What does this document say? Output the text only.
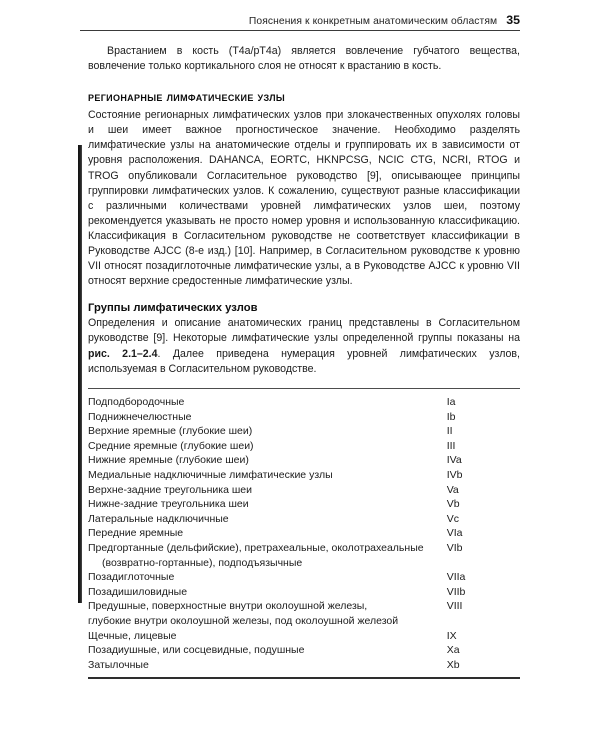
Пояснения к конкретным анатомическим областям 35

Врастанием в кость (T4a/pT4a) является вовлечение губчатого вещества, вовлечение только кортикального слоя не относят к врастанию в кость.

регионарные лимфатические узлы

Состояние регионарных лимфатических узлов при злокачественных опухолях головы и шеи имеет важное прогностическое значение. Необходимо разделять лимфатические узлы на анатомические отделы и группировать их в зависимости от уровня расположения. DAHANCA, EORTC, HKNPCSG, NCIC CTG, NCRI, RTOG и TROG опубликовали Согласительное руководство [9], описывающее принципы группировки лимфатических узлов. К сожалению, существуют разные классификации с различными количествами уровней лимфатических узлов шеи, поэтому рекомендуется указывать не просто номер уровня и использованную классификацию. Классификация в Согласительном руководстве не соответствует классификации в Руководстве AJCC (8-е изд.) [10]. Например, в Согласительном руководстве к уровню VII относят позадиглоточные лимфатические узлы, а в Руководстве AJCC к уровню VII относят верхние средостенные лимфатические узлы.

Группы лимфатических узлов

Определения и описание анатомических границ представлены в Согласительном руководстве [9]. Некоторые лимфатические узлы определенной группы показаны на рис. 2.1–2.4. Далее приведена нумерация уровней лимфатических узлов, используемая в Согласительном руководстве.

Подподбородочные	Ia
Поднижнечелюстные	Ib
Верхние яремные (глубокие шеи)	II
Средние яремные (глубокие шеи)	III
Нижние яремные (глубокие шеи)	IVa
Медиальные надключичные лимфатические узлы	IVb
Верхне-задние треугольника шеи	Va
Нижне-задние треугольника шеи	Vb
Латеральные надключичные	Vc
Передние яремные	VIa
Предгортанные (дельфийские), претрахеальные, околотрахеальные
(возвратно-гортанные), подподъязычные	VIb
Позадиглоточные	VIIa
Позадишиловидные	VIIb
Предушные, поверхностные внутри околоушной железы,
глубокие внутри околоушной железы, под околоушной железой	VIII
Щечные, лицевые	IX
Позадиушные, или сосцевидные, подушные	Xa
Затылочные	Xb
